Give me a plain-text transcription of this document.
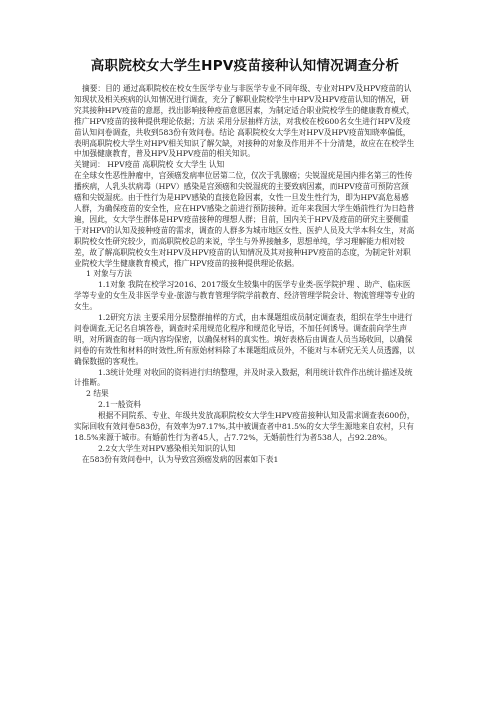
高职院校女大学生HPV疫苗接种认知情况调查分析

摘要：目的 通过高职院校在校女生医学专业与非医学专业不同年级、专业对HPV及HPV疫苗的认知现状及相关疾病的认知情况进行调查，充分了解职业院校学生中HPV及HPV疫苗认知的情况，研究其接种HPV疫苗的意愿，找出影响接种疫苗意愿因素，为制定适合职业院校学生的健康教育模式，推广HPV疫苗的接种提供理论依据；方法 采用分层抽样方法，对我校在校600名女生进行HPV及疫苗认知问卷调查，共收到583份有效问卷。结论 高职院校女大学生对HPV及HPV疫苗知晓率偏低，表明高职院校大学生对HPV相关知识了解欠缺，对接种的对象及作用并不十分清楚，故应在在校学生中加强健康教育，普及HPV及HPV疫苗的相关知识。

关键词： HPV疫苗 高职院校 女大学生 认知

在全球女性恶性肿瘤中，宫颈癌发病率位居第二位，仅次于乳腺癌；尖锐湿疣是国内排名第三的性传播疾病，人乳头状病毒（HPV）感染是宫颈癌和尖锐湿疣的主要致病因素，而HPV疫苗可预防宫颈癌和尖锐湿疣。由于性行为是HPV感染的直接危险因素，女性一旦发生性行为，即为HPV高危易感人群，为确保疫苗的安全性，应在HPV感染之前进行预防接种。近年来我国大学生婚前性行为日趋普遍，因此，女大学生群体是HPV疫苗接种的理想人群；目前，国内关于HPV及疫苗的研究主要侧重于对HPV的认知及接种疫苗的需求，调查的人群多为城市地区女性、医护人员及大学本科女生，对高职院校女性研究较少，而高职院校总的来说，学生与外界接触多，思想单纯，学习理解能力相对较差，故了解高职院校女生对HPV及HPV疫苗的认知情况及其对接种HPV疫苗的态度，为制定针对职业院校大学生健康教育模式，推广HPV疫苗的接种提供理论依据。

1 对象与方法

1.1对象 我院在校学习2016、2017级女生较集中的医学专业类-医学院护理 、助产、临床医学等专业的女生及非医学专业-旅游与教育管理学院学前教育、经济管理学院会计、物流管理等专业的女生。

1.2研究方法 主要采用分层整群抽样的方式，由本课题组成员制定调查表，组织在学生中进行问卷调查,无记名自填答卷，调查时采用规范化程序和规范化导语，不加任何诱导。调查前向学生声明，对所调查的每一项内容均保密，以确保材料的真实性。填好表格后由调查人员当场收回，以确保问卷的有效性和材料的时效性,所有原始材料除了本课题组成员外，不能对与本研究无关人员透露，以确保数据的客观性。

1.3统计处理 对收回的资料进行归纳整理，并及时录入数据，利用统计软件作出统计描述及统计推断。

2 结果

2.1一般资料

根据不同院系、专业、年级共发放高职院校女大学生HPV疫苗接种认知及需求调查表600份，实际回收有效问卷583份，有效率为97.17%,其中被调查者中81.5%的女大学生源地来自农村，只有18.5%来源于城市。有婚前性行为者45人，占7.72%，无婚前性行为者538人，占92.28%。

2.2女大学生对HPV感染相关知识的认知

在583份有效问卷中，认为导致宫颈癌发病的因素如下表1
